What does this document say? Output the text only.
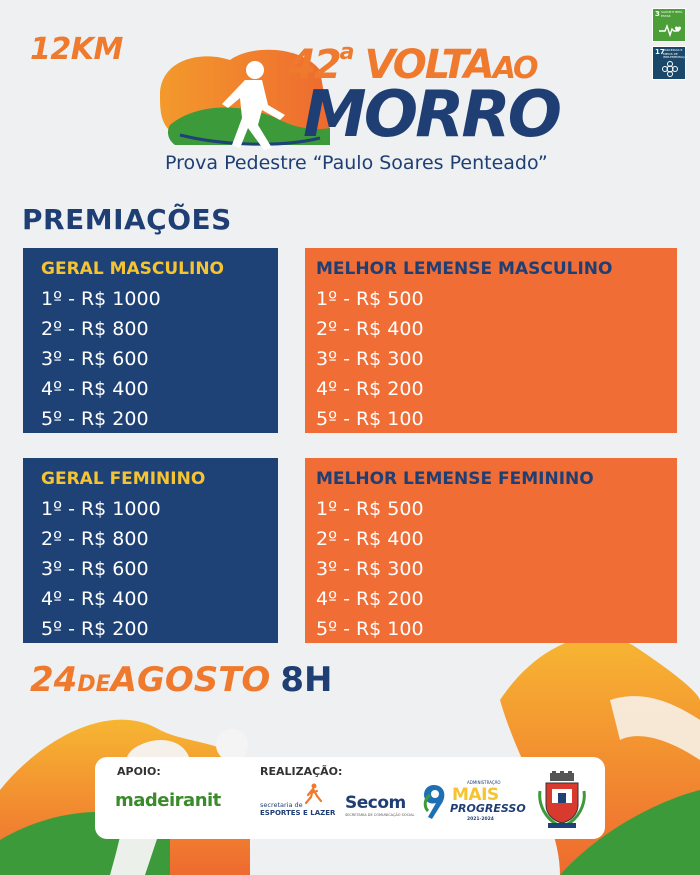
12KM
3 SAÚDE E BEM-ESTAR
17
PARCERIAS E MEIOS DE IMPLEMENTAÇÃO
42$^a$ VOLTAAO
MORRO
Prova Pedestre “Paulo Soares Penteado”
PREMIAÇÕES
GERAL MASCULINO
1º - R$ 1000
2º - R$ 800
3º - R$ 600
4º - R$ 400
5º - R$ 200
MELHOR LEMENSE MASCULINO
1º - R$ 500
2º - R$ 400
3º - R$ 300
4º - R$ 200
5º - R$ 100
GERAL FEMININO
1º - R$ 1000
2º - R$ 800
3º - R$ 600
4º - R$ 400
5º - R$ 200
MELHOR LEMENSE FEMININO
1º - R$ 500
2º - R$ 400
3º - R$ 300
4º - R$ 200
5º - R$ 100
24DEAGOSTO 8H
APOIO:	REALIZAÇÃO:
madeiranit	secretaria de
ESPORTES E LAZER Secom
SECRETARIA DE COMUNICAÇÃO SOCIAL
ADMINISTRAÇÃO
MAIS
PROGRESSO
2021-2024
